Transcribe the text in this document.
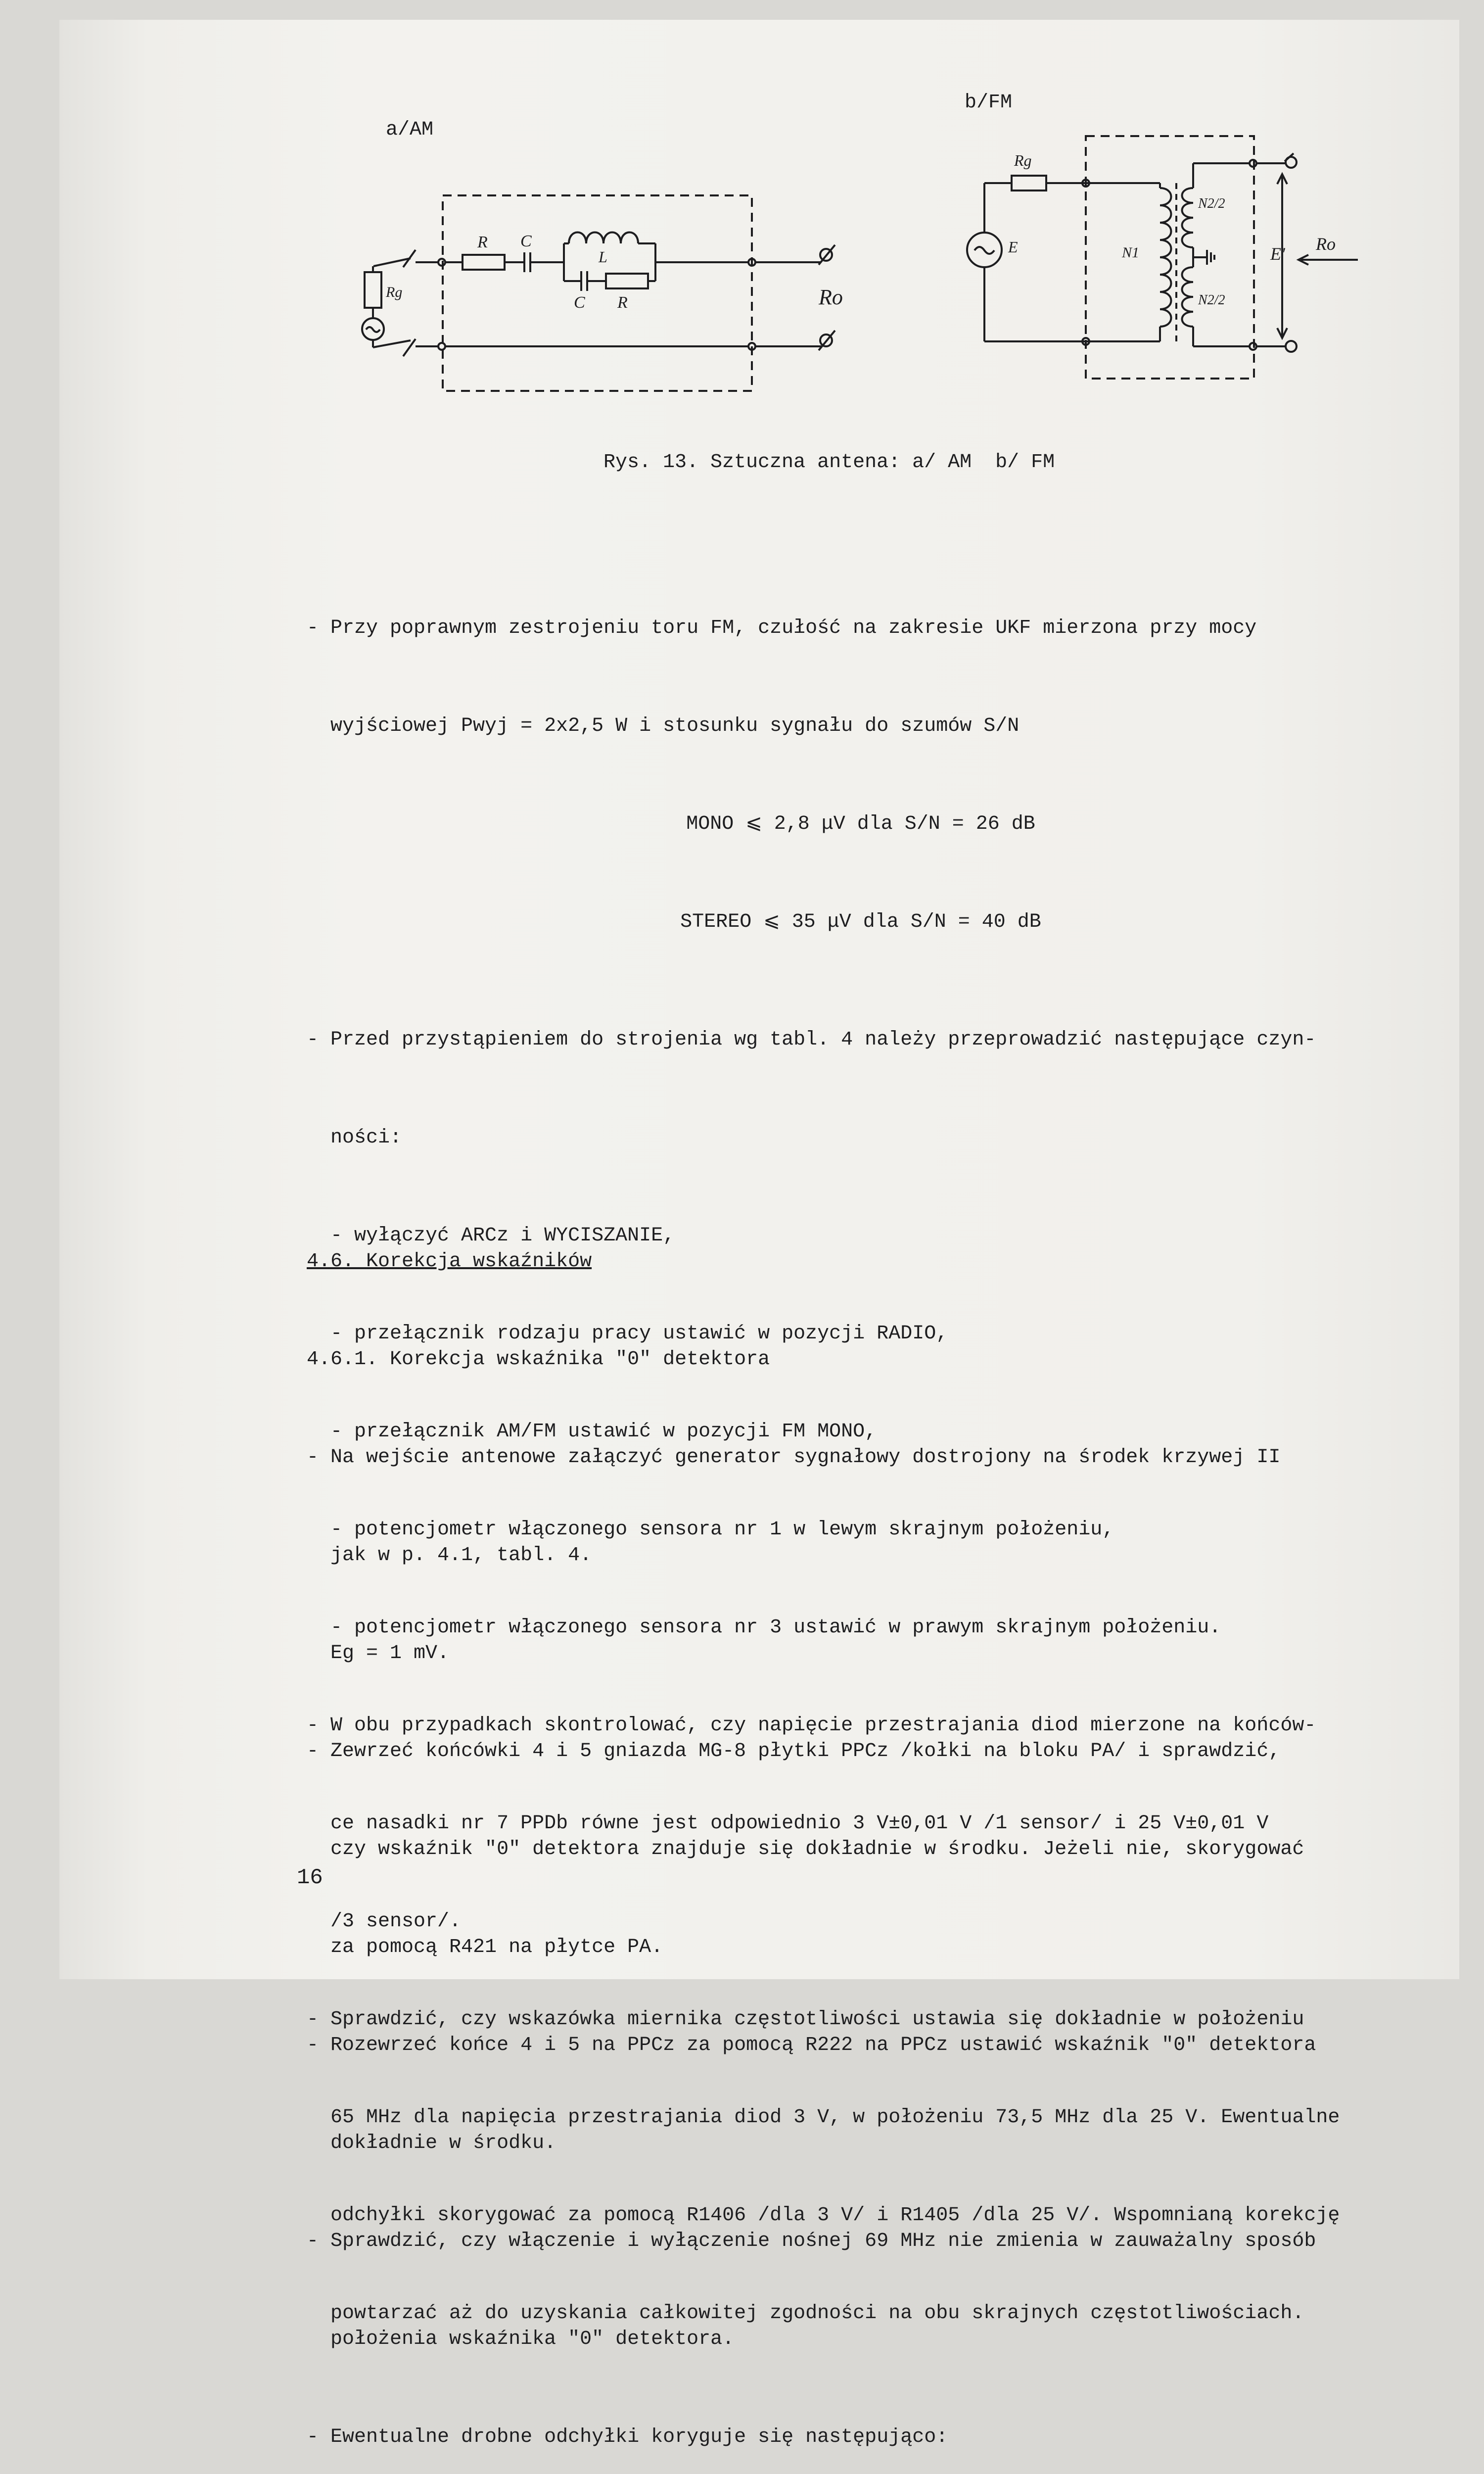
a/AM
b/FM
Rg
R C
L
C R	Ro
Rg
E	N1
N2/2
N2/2
E' Ro
Rys. 13. Sztuczna antena: a/ AM  b/ FM

- Przy poprawnym zestrojeniu toru FM, czułość na zakresie UKF mierzona przy mocy

wyjściowej Pwyj = 2x2,5 W i stosunku sygnału do szumów S/N

MONO ⩽ 2,8 μV dla S/N = 26 dB

STEREO ⩽ 35 μV dla S/N = 40 dB

- Przed przystąpieniem do strojenia wg tabl. 4 należy przeprowadzić następujące czyn-

ności:

- wyłączyć ARCz i WYCISZANIE,

- przełącznik rodzaju pracy ustawić w pozycji RADIO,

- przełącznik AM/FM ustawić w pozycji FM MONO,

- potencjometr włączonego sensora nr 1 w lewym skrajnym położeniu,

- potencjometr włączonego sensora nr 3 ustawić w prawym skrajnym położeniu.

- W obu przypadkach skontrolować, czy napięcie przestrajania diod mierzone na końców-

ce nasadki nr 7 PPDb równe jest odpowiednio 3 V±0,01 V /1 sensor/ i 25 V±0,01 V

/3 sensor/.

- Sprawdzić, czy wskazówka miernika częstotliwości ustawia się dokładnie w położeniu

65 MHz dla napięcia przestrajania diod 3 V, w położeniu 73,5 MHz dla 25 V. Ewentualne

odchyłki skorygować za pomocą R1406 /dla 3 V/ i R1405 /dla 25 V/. Wspomnianą korekcję

powtarzać aż do uzyskania całkowitej zgodności na obu skrajnych częstotliwościach.

4.6. Korekcja wskaźników

4.6.1. Korekcja wskaźnika "0" detektora

- Na wejście antenowe załączyć generator sygnałowy dostrojony na środek krzywej II

jak w p. 4.1, tabl. 4.

Eg = 1 mV.

- Zewrzeć końcówki 4 i 5 gniazda MG-8 płytki PPCz /kołki na bloku PA/ i sprawdzić,

czy wskaźnik "0" detektora znajduje się dokładnie w środku. Jeżeli nie, skorygować

za pomocą R421 na płytce PA.

- Rozewrzeć końce 4 i 5 na PPCz za pomocą R222 na PPCz ustawić wskaźnik "0" detektora

dokładnie w środku.

- Sprawdzić, czy włączenie i wyłączenie nośnej 69 MHz nie zmienia w zauważalny sposób

położenia wskaźnika "0" detektora.

- Ewentualne drobne odchyłki koryguje się następująco:

16
